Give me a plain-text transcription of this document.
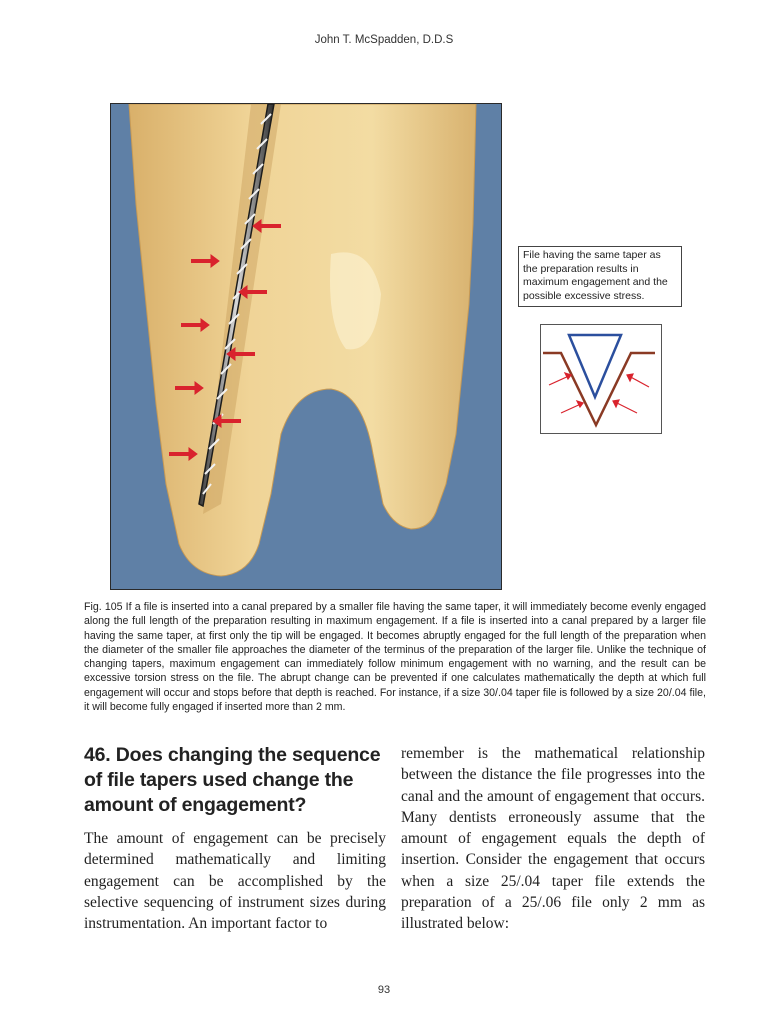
John T. McSpadden, D.D.S
File having the same taper as the preparation results in maximum engagement and the possible excessive stress.
Fig. 105 If a file is inserted into a canal prepared by a smaller file having the same taper, it will immediately become evenly engaged along the full length of the preparation resulting in maximum engagement. If a file is inserted into a canal prepared by a larger file having the same taper, at first only the tip will be engaged. It becomes abruptly engaged for the full length of the preparation when the diameter of the smaller file approaches the diameter of the terminus of the preparation of the larger file. Unlike the technique of changing tapers, maximum engagement can immediately follow minimum engagement with no warning, and the result can be excessive torsion stress on the file. The abrupt change can be prevented if one calculates mathematically the depth at which full engagement will occur and stops before that depth is reached. For instance, if a size 30/.04 taper file is followed by a size 20/.04 file, it will become fully engaged if inserted more than 2 mm.
46. Does changing the sequence of file tapers used change the amount of engagement?

The amount of engagement can be precisely determined mathematically and limiting engagement can be accomplished by the selective sequencing of instrument sizes during instrumentation. An important factor to

remember is the mathematical relationship between the distance the file progresses into the canal and the amount of engagement that occurs. Many dentists erroneously assume that the amount of engagement equals the depth of insertion. Consider the engagement that occurs when a size 25/.04 taper file extends the preparation of a 25/.06 file only 2 mm as illustrated below:

93
